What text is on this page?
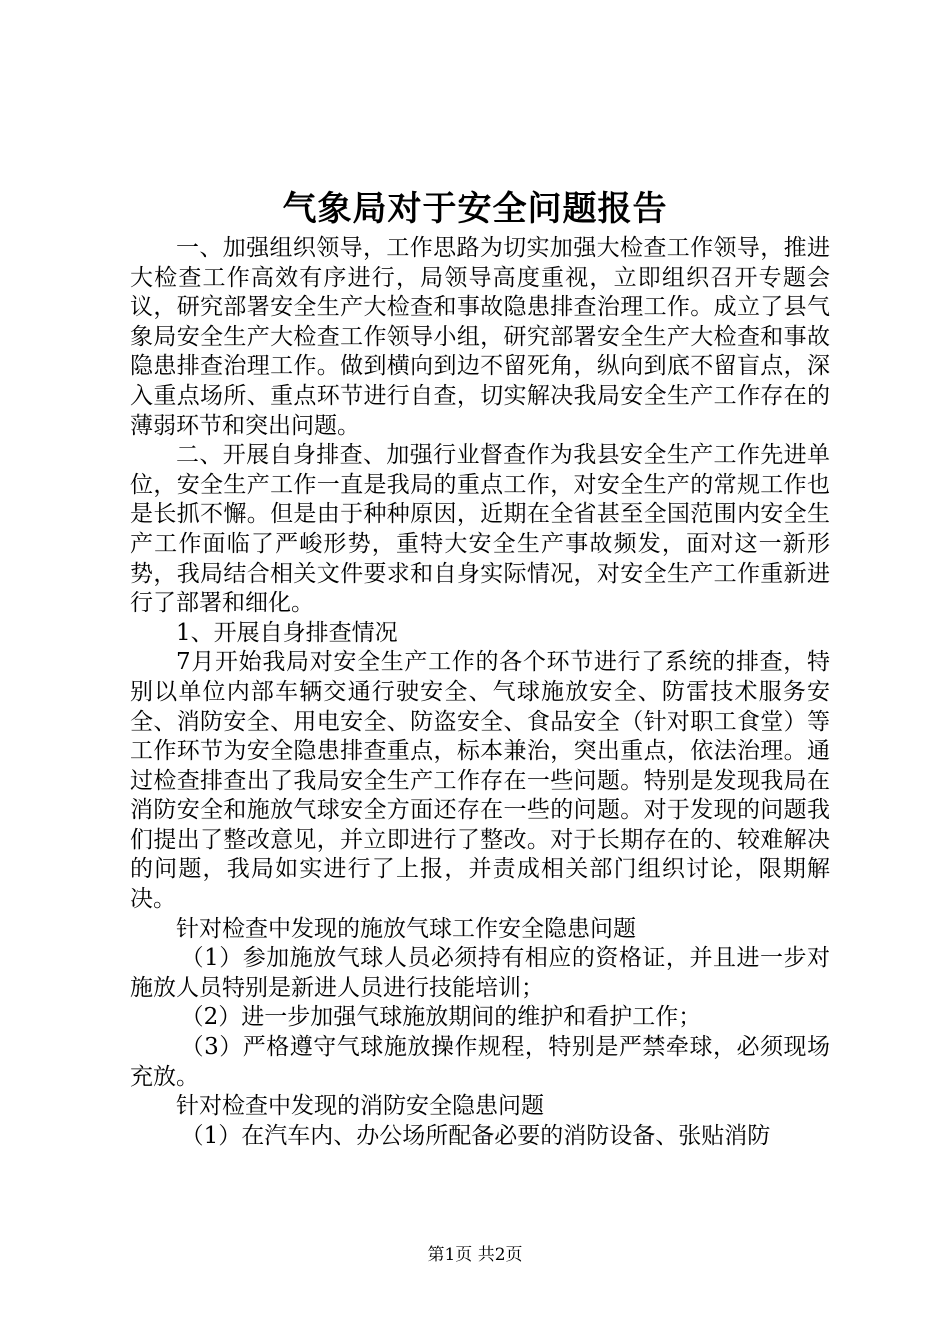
气象局对于安全问题报告

一、加强组织领导，工作思路为切实加强大检查工作领导，推进大检查工作高效有序进行，局领导高度重视，立即组织召开专题会议，研究部署安全生产大检查和事故隐患排查治理工作。成立了县气象局安全生产大检查工作领导小组，研究部署安全生产大检查和事故隐患排查治理工作。做到横向到边不留死角，纵向到底不留盲点，深入重点场所、重点环节进行自查，切实解决我局安全生产工作存在的薄弱环节和突出问题。

二、开展自身排查、加强行业督查作为我县安全生产工作先进单位，安全生产工作一直是我局的重点工作，对安全生产的常规工作也是长抓不懈。但是由于种种原因，近期在全省甚至全国范围内安全生产工作面临了严峻形势，重特大安全生产事故频发，面对这一新形势，我局结合相关文件要求和自身实际情况，对安全生产工作重新进行了部署和细化。

1、开展自身排查情况

7月开始我局对安全生产工作的各个环节进行了系统的排查，特别以单位内部车辆交通行驶安全、气球施放安全、防雷技术服务安全、消防安全、用电安全、防盗安全、食品安全（针对职工食堂）等工作环节为安全隐患排查重点，标本兼治，突出重点，依法治理。通过检查排查出了我局安全生产工作存在一些问题。特别是发现我局在消防安全和施放气球安全方面还存在一些的问题。对于发现的问题我们提出了整改意见，并立即进行了整改。对于长期存在的、较难解决的问题，我局如实进行了上报，并责成相关部门组织讨论，限期解决。

针对检查中发现的施放气球工作安全隐患问题

（1）参加施放气球人员必须持有相应的资格证，并且进一步对施放人员特别是新进人员进行技能培训；

（2）进一步加强气球施放期间的维护和看护工作；

（3）严格遵守气球施放操作规程，特别是严禁牵球，必须现场充放。

针对检查中发现的消防安全隐患问题

（1）在汽车内、办公场所配备必要的消防设备、张贴消防

第1页 共2页
